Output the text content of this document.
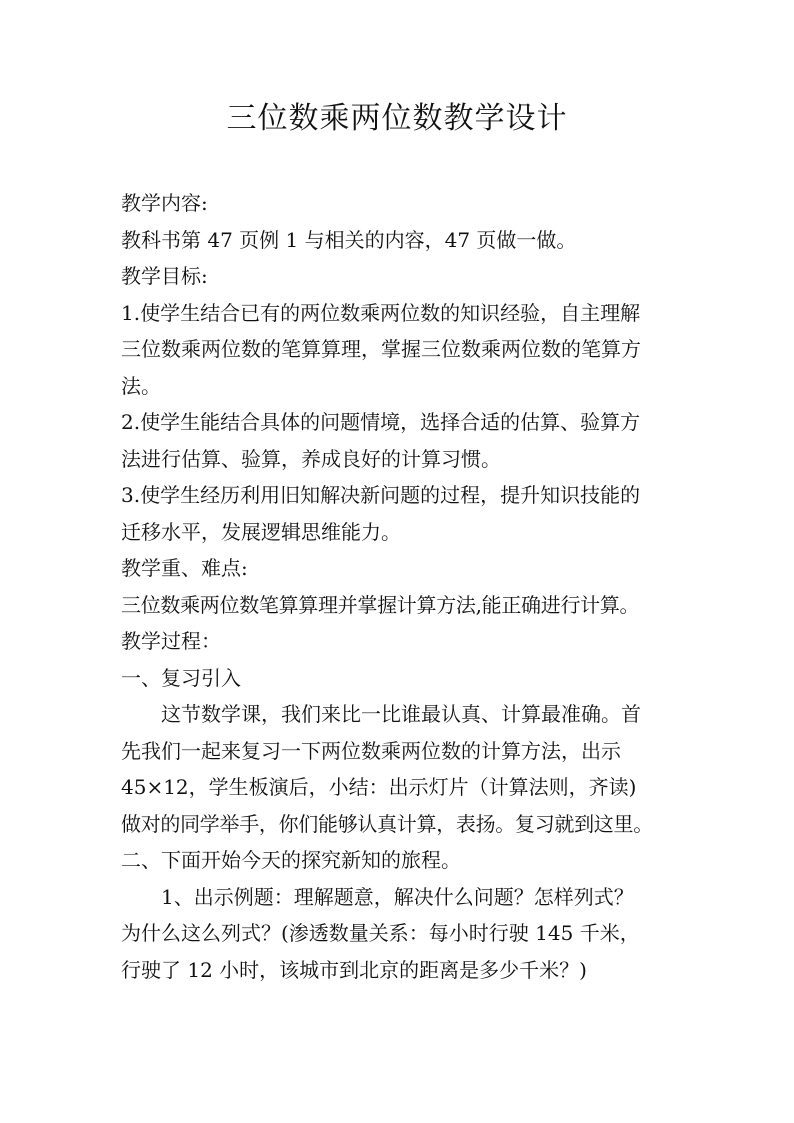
三位数乘两位数教学设计
教学内容:
教科书第 47 页例 1 与相关的内容，47 页做一做。
教学目标:
1.使学生结合已有的两位数乘两位数的知识经验，自主理解
三位数乘两位数的笔算算理，掌握三位数乘两位数的笔算方
法。
2.使学生能结合具体的问题情境，选择合适的估算、验算方
法进行估算、验算，养成良好的计算习惯。
3.使学生经历利用旧知解决新问题的过程，提升知识技能的
迁移水平，发展逻辑思维能力。
教学重、难点:
三位数乘两位数笔算算理并掌握计算方法,能正确进行计算。
教学过程：
一、复习引入
这节数学课，我们来比一比谁最认真、计算最准确。首
先我们一起来复习一下两位数乘两位数的计算方法，出示
45×12，学生板演后，小结：出示灯片（计算法则，齐读)
做对的同学举手，你们能够认真计算，表扬。复习就到这里。
二、下面开始今天的探究新知的旅程。
1、出示例题：理解题意，解决什么问题？怎样列式？
为什么这么列式？(渗透数量关系：每小时行驶 145 千米，
行驶了 12 小时，该城市到北京的距离是多少千米？)
